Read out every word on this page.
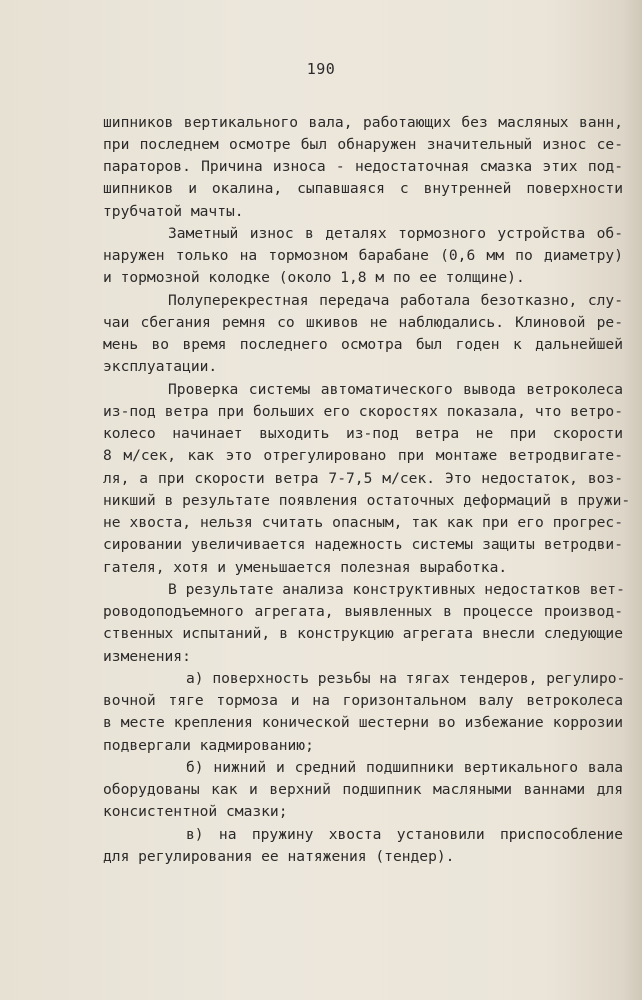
190
шипников вертикального вала, работающих без масляных ванн,
при последнем осмотре был обнаружен значительный износ се-
параторов. Причина износа - недостаточная смазка этих под-
шипников и окалина, сыпавшаяся с внутренней поверхности
трубчатой мачты.
Заметный износ в деталях тормозного устройства об-
наружен только на тормозном барабане (0,6 мм по диаметру)
и тормозной колодке (около 1,8 м по ее толщине).
Полуперекрестная передача работала безотказно, слу-
чаи сбегания ремня со шкивов не наблюдались. Клиновой ре-
мень во время последнего осмотра был годен к дальнейшей
эксплуатации.
Проверка системы автоматического вывода ветроколеса
из-под ветра при больших его скоростях показала, что ветро-
колесо начинает выходить из-под ветра не при скорости
8 м/сек, как это отрегулировано при монтаже ветродвигате-
ля, а при скорости ветра 7-7,5 м/сек. Это недостаток, воз-
никший в результате появления остаточных деформаций в пружи-
не хвоста, нельзя считать опасным, так как при его прогрес-
сировании увеличивается надежность системы защиты ветродви-
гателя, хотя и уменьшается полезная выработка.
В результате анализа конструктивных недостатков вет-
роводоподъемного агрегата, выявленных в процессе производ-
ственных испытаний, в конструкцию агрегата внесли следующие
изменения:
а) поверхность резьбы на тягах тендеров, регулиро-
вочной тяге тормоза и на горизонтальном валу ветроколеса
в месте крепления конической шестерни во избежание коррозии
подвергали кадмированию;
б) нижний и средний подшипники вертикального вала
оборудованы как и верхний подшипник масляными ваннами для
консистентной смазки;
в) на пружину хвоста установили приспособление
для регулирования ее натяжения (тендер).
